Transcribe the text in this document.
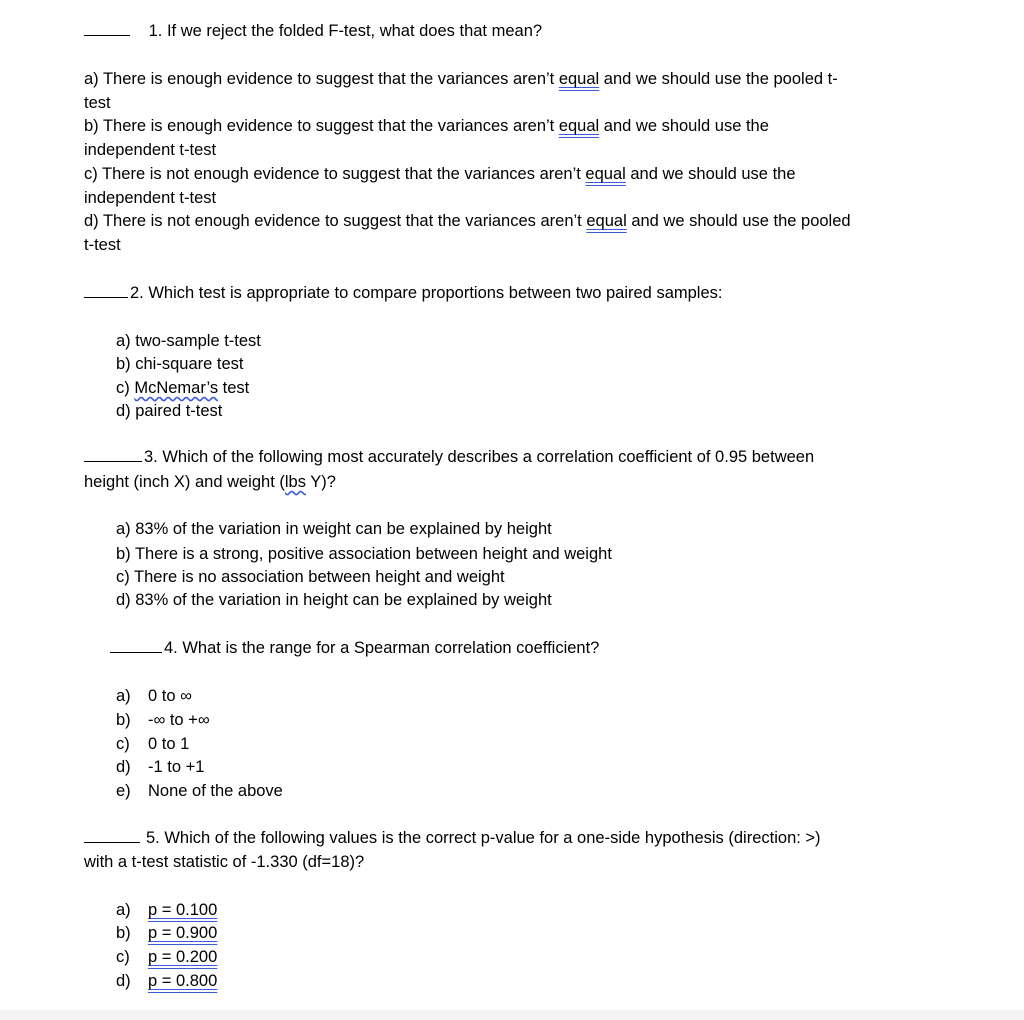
1. If we reject the folded F-test, what does that mean?
a) There is enough evidence to suggest that the variances aren’t equal and we should use the pooled t-
test
b) There is enough evidence to suggest that the variances aren’t equal and we should use the
independent t-test
c) There is not enough evidence to suggest that the variances aren’t equal and we should use the
independent t-test
d) There is not enough evidence to suggest that the variances aren’t equal and we should use the pooled
t-test
2. Which test is appropriate to compare proportions between two paired samples:
a) two-sample t-test
b) chi-square test
c) McNemar’s test
d) paired t-test
3. Which of the following most accurately describes a correlation coefficient of 0.95 between
height (inch X) and weight (lbs Y)?
a) 83% of the variation in weight can be explained by height
b) There is a strong, positive association between height and weight
c) There is no association between height and weight
d) 83% of the variation in height can be explained by weight
4. What is the range for a Spearman correlation coefficient?
a) 0 to ∞
b) -∞ to +∞
c) 0 to 1
d) -1 to +1
e) None of the above
5. Which of the following values is the correct p-value for a one-side hypothesis (direction: >)
with a t-test statistic of -1.330 (df=18)?
a) p = 0.100
b) p = 0.900
c) p = 0.200
d) p = 0.800
